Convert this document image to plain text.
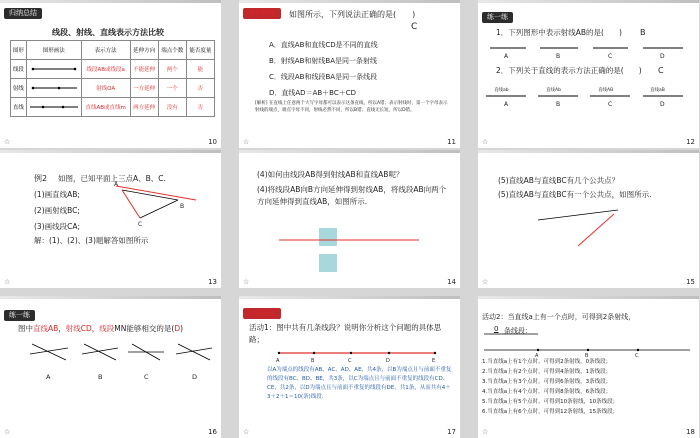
归纳总结
线段、射线、直线表示方法比较
图形	图形画法	表示方法	延伸方向	端点个数	能否度量
线段		线段AB或线段a	不能延伸	两个	能
射线		射线OA	一方延伸	一个	否
直线		直线AB或直线m	两方延伸	没有	否
☆	10
典例精析	如图所示，下列说法正确的是(　　)
C
A．直线AB和直线CD是不同的直线
B．射线AB和射线BA是同一条射线
C．线段AB和线段BA是同一条线段
D．直线AD＝AB＋BC＋CD
[解析] 在直线上任意两个大写字母都可以表示这条直线，所以A错；表示射线时，第一个字母表示射线的端点，端点字母不同，射线必然不同，所以B错；直线无长短，所以D错。
☆	11
练一练
1．下列图形中表示射线AB的是(　　) B
A	B	C	D
2．下列关于直线的表示方法正确的是(　　) C
直线ab	直线Ab	直线AB	直线aB
A	B	C	D
☆	12
例2 如图，已知平面上三点A、B、C.
(1)画直线AB;
(2)画射线BC;
(3)画线段CA;
解：(1)、(2)、(3)题解答如图所示
A
B
C
☆	13
(4)如何由线段AB得到射线AB和直线AB呢？
(4)将线段AB向B方向延伸得到射线AB，将线段AB向两个方向延伸得到直线AB，如图所示.
☆	14
(5)直线AB与直线BC有几个公共点？
(5)直线AB与直线BC有一个公共点，如图所示.
☆	15
练一练
图中直线AB，射线CD，线段MN能够相交的是(D)
A	B	C	D
☆	16
合作探究
活动1：图中共有几条线段？说明你分析这个问题的具体思路；
A	B	C	D	E
以A为端点的线段有AB、AC、AD、AE，共4条，以B为端点且与前面不重复的线段有BC、BD、BE，共3条，以C为端点且与前面不重复的线段有CD、CE，共2条，以D为端点且与前面不重复的线段有DE，共1条，从而共有4＋3＋2＋1＝10(条)线段.
☆	17
活动2：当直线a上有一个点时，可得到2条射线，
0 条线段：
A	B	C
1.当直线a上有1个点时，可得到2条射线，0条线段；
2.当直线a上有2个点时，可得到4条射线，1条线段；
3.当直线a上有3个点时，可得到6条射线，3条线段；
4.当直线a上有4个点时，可得到8条射线，6条线段；
5.当直线a上有5个点时，可得到10条射线，10条线段；
6.当直线a上有6个点时，可得到12条射线，15条线段；
☆	18
